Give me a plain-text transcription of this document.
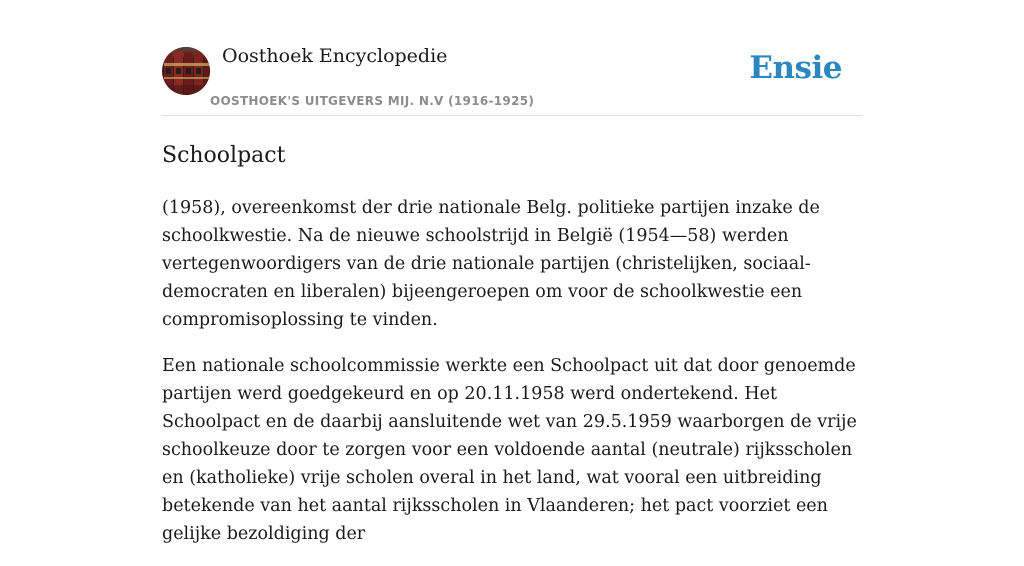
Oosthoek Encyclopedie
OOSTHOEK'S UITGEVERS MIJ. N.V (1916-1925)
Ensie
Schoolpact

(1958), overeenkomst der drie nationale Belg. politieke partijen inzake de schoolkwestie. Na de nieuwe schoolstrijd in België (1954—58) werden vertegenwoordigers van de drie nationale partijen (christelijken, sociaal-democraten en liberalen) bijeengeroepen om voor de schoolkwestie een compromisoplossing te vinden.

Een nationale schoolcommissie werkte een Schoolpact uit dat door genoemde partijen werd goedgekeurd en op 20.11.1958 werd ondertekend. Het Schoolpact en de daarbij aansluitende wet van 29.5.1959 waarborgen de vrije schoolkeuze door te zorgen voor een voldoende aantal (neutrale) rijksscholen en (katholieke) vrije scholen overal in het land, wat vooral een uitbreiding betekende van het aantal rijksscholen in Vlaanderen; het pact voorziet een gelijke bezoldiging der
